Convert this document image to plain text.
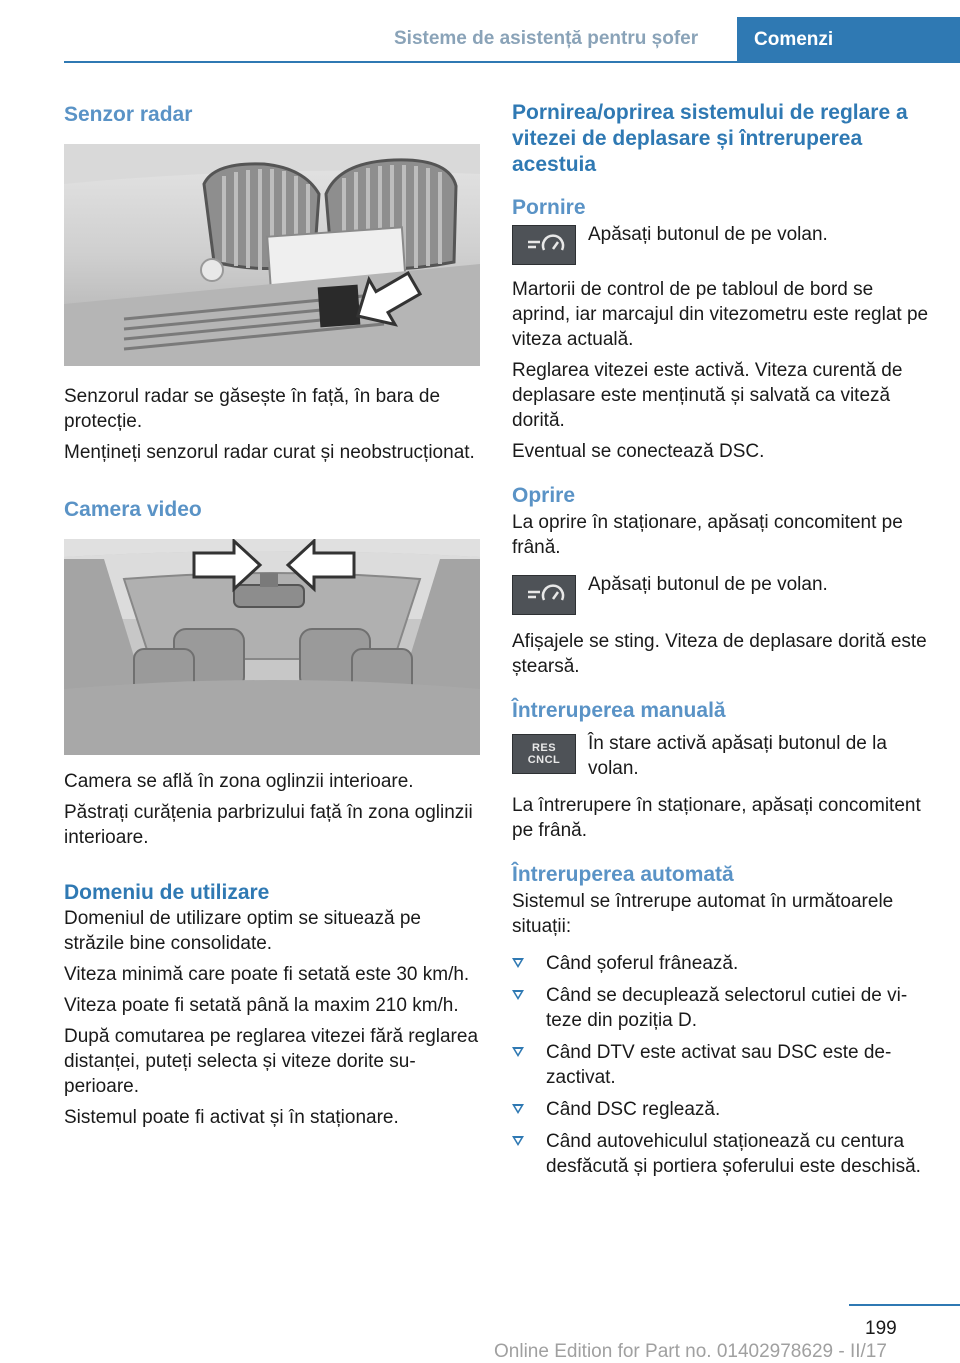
Sisteme de asistență pentru șofer	Comenzi
Senzor radar

Senzorul radar se găsește în față, în bara de protecție.

Mențineți senzorul radar curat și neobstrucționat.

Camera video

Camera se află în zona oglinzii interioare.

Păstrați curățenia parbrizului față în zona oglinzii interioare.

Domeniu de utilizare

Domeniul de utilizare optim se situează pe străzile bine consolidate.

Viteza minimă care poate fi setată este 30 km/h.

Viteza poate fi setată până la maxim 210 km/h.

După comutarea pe reglarea vitezei fără reglarea distanței, puteți selecta și viteze dorite superioare.

Sistemul poate fi activat și în staționare.

Pornirea/oprirea sistemului de reglare a vitezei de deplasare și întreruperea acestuia
Pornire

Apăsați butonul de pe volan.

Martorii de control de pe tabloul de bord se aprind, iar marcajul din vitezometru este reglat pe viteza actuală.

Reglarea vitezei este activă. Viteza curentă de deplasare este menținută și salvată ca viteză dorită.

Eventual se conectează DSC.

Oprire

La oprire în staționare, apăsați concomitent pe frână.

Apăsați butonul de pe volan.

Afișajele se sting. Viteza de deplasare dorită este ștearsă.

Întreruperea manuală
RES
CNCL

În stare activă apăsați butonul de la volan.

La întrerupere în staționare, apăsați concomitent pe frână.

Întreruperea automată

Sistemul se întrerupe automat în următoarele situații:

Când șoferul frânează.
Când se decuplează selectorul cutiei de viteze din poziția D.
Când DTV este activat sau DSC este dezactivat.
Când DSC reglează.
Când autovehiculul staționează cu centura desfăcută și portiera șoferului este deschisă.
199
Online Edition for Part no. 01402978629 - II/17
